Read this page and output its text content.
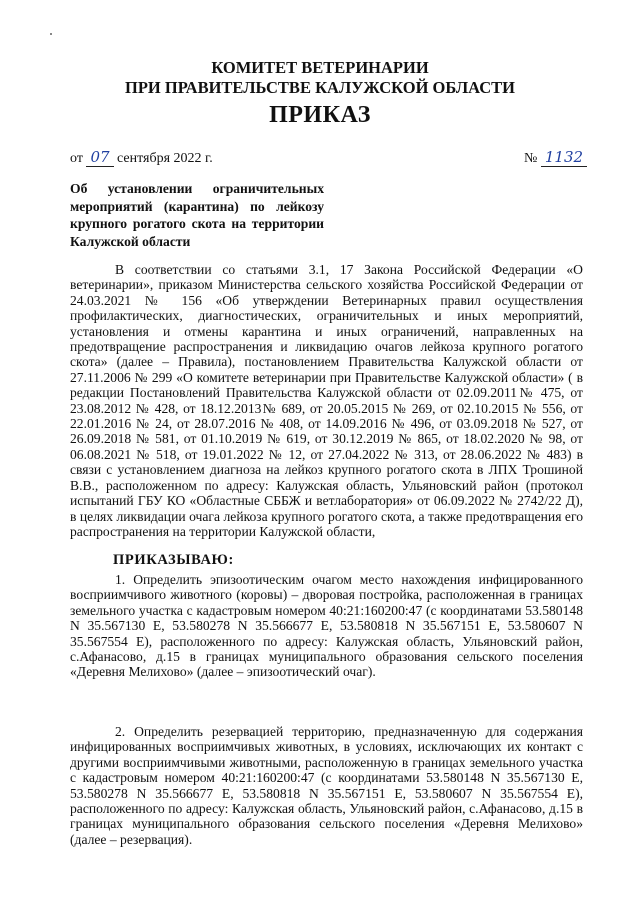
КОМИТЕТ ВЕТЕРИНАРИИ

ПРИ ПРАВИТЕЛЬСТВЕ КАЛУЖСКОЙ ОБЛАСТИ

ПРИКАЗ

от 07 сентября 2022 г.	№ 1132

Об установлении ограничительных мероприятий (карантина) по лейкозу крупного рогатого скота на территории Калужской области

В соответствии со статьями 3.1, 17 Закона Российской Федерации «О ветеринарии», приказом Министерства сельского хозяйства Российской Федерации от 24.03.2021 № 156 «Об утверждении Ветеринарных правил осуществления профилактических, диагностических, ограничительных и иных мероприятий, установления и отмены карантина и иных ограничений, направленных на предотвращение распространения и ликвидацию очагов лейкоза крупного рогатого скота» (далее – Правила), постановлением Правительства Калужской области от 27.11.2006 № 299 «О комитете ветеринарии при Правительстве Калужской области» ( в редакции Постановлений Правительства Калужской области от 02.09.2011№ 475, от 23.08.2012 № 428, от 18.12.2013№ 689, от 20.05.2015 № 269, от 02.10.2015 № 556, от 22.01.2016 № 24, от 28.07.2016 № 408, от 14.09.2016 № 496, от 03.09.2018 № 527, от 26.09.2018 № 581, от 01.10.2019 № 619, от 30.12.2019 № 865, от 18.02.2020 № 98, от 06.08.2021 № 518, от 19.01.2022 № 12, от 27.04.2022 № 313, от 28.06.2022 № 483) в связи с установлением диагноза на лейкоз крупного рогатого скота в ЛПХ Трошиной В.В., расположенном по адресу: Калужская область, Ульяновский район (протокол испытаний ГБУ КО «Областные СББЖ и ветлаборатория» от 06.09.2022 № 2742/22 Д), в целях ликвидации очага лейкоза крупного рогатого скота, а также предотвращения его распространения на территории Калужской области,

ПРИКАЗЫВАЮ:

1. Определить эпизоотическим очагом место нахождения инфицированного восприимчивого животного (коровы) – дворовая постройка, расположенная в границах земельного участка с кадастровым номером 40:21:160200:47 (с координатами 53.580148 N 35.567130 E, 53.580278 N 35.566677 E, 53.580818 N 35.567151 E, 53.580607 N 35.567554 E), расположенного по адресу: Калужская область, Ульяновский район, с.Афанасово, д.15 в границах муниципального образования сельского поселения «Деревня Мелихово» (далее – эпизоотический очаг).

2. Определить резервацией территорию, предназначенную для содержания инфицированных восприимчивых животных, в условиях, исключающих их контакт с другими восприимчивыми животными, расположенную в границах земельного участка с кадастровым номером 40:21:160200:47 (с координатами 53.580148 N 35.567130 E, 53.580278 N 35.566677 E, 53.580818 N 35.567151 E, 53.580607 N 35.567554 E), расположенного по адресу: Калужская область, Ульяновский район, с.Афанасово, д.15 в границах муниципального образования сельского поселения «Деревня Мелихово» (далее – резервация).
